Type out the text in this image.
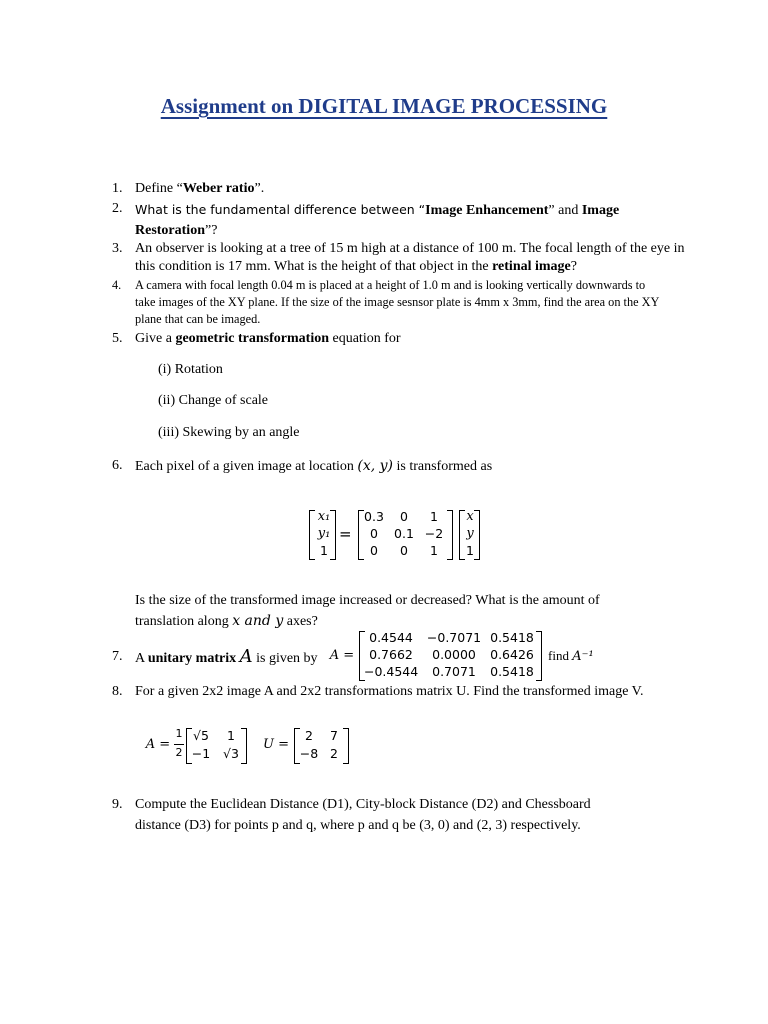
Assignment on DIGITAL IMAGE PROCESSING
1. Define “Weber ratio”.
2. What is the fundamental difference between “Image Enhancement” and Image
Restoration”?
3. An observer is looking at a tree of 15 m high at a distance of 100 m. The focal length of the eye in
this condition is 17 mm. What is the height of that object in the retinal image?
4. A camera with focal length 0.04 m is placed at a height of 1.0 m and is looking vertically downwards to
take images of the XY plane. If the size of the image sesnsor plate is 4mm x 3mm, find the area on the XY
plane that can be imaged.
5. Give a geometric transformation equation for
(i) Rotation
(ii) Change of scale
(iii) Skewing by an angle
6. Each pixel of a given image at location (x, y) is transformed as
x₁
y₁
1
=
0.3	0	1
0	0.1 −2
0	0	1
x
y
1
Is the size of the transformed image increased or decreased? What is the amount of
translation along x and y axes?
7. A unitary matrix A is given by A =
0.4544	−0.7071 0.5418
0.7662	0.0000	0.6426
−0.4544	0.7071	0.5418
find A⁻¹
8. For a given 2x2 image A and 2x2 transformations matrix U. Find the transformed image V.
A =
1
2
√5	1
−1 √3
U =
2	7
−8 2
9. Compute the Euclidean Distance (D1), City-block Distance (D2) and Chessboard
distance (D3) for points p and q, where p and q be (3, 0) and (2, 3) respectively.
